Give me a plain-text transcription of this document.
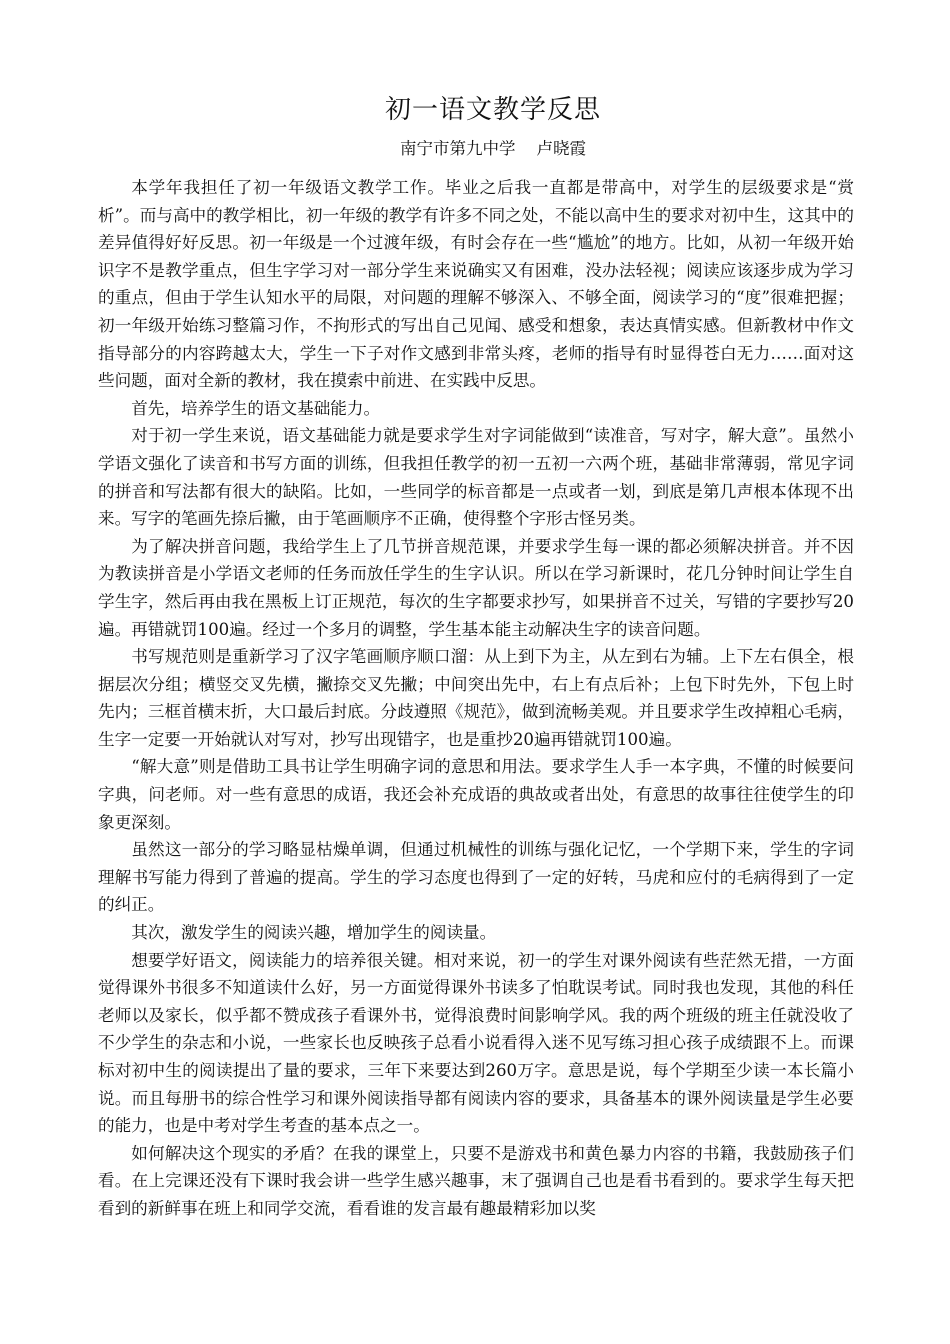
初一语文教学反思
南宁市第九中学    卢晓霞

本学年我担任了初一年级语文教学工作。毕业之后我一直都是带高中，对学生的层级要求是“赏析”。而与高中的教学相比，初一年级的教学有许多不同之处，不能以高中生的要求对初中生，这其中的差异值得好好反思。初一年级是一个过渡年级，有时会存在一些“尴尬”的地方。比如，从初一年级开始识字不是教学重点，但生字学习对一部分学生来说确实又有困难，没办法轻视；阅读应该逐步成为学习的重点，但由于学生认知水平的局限，对问题的理解不够深入、不够全面，阅读学习的“度”很难把握；初一年级开始练习整篇习作，不拘形式的写出自己见闻、感受和想象，表达真情实感。但新教材中作文指导部分的内容跨越太大，学生一下子对作文感到非常头疼，老师的指导有时显得苍白无力……面对这些问题，面对全新的教材，我在摸索中前进、在实践中反思。

首先，培养学生的语文基础能力。

对于初一学生来说，语文基础能力就是要求学生对字词能做到“读准音，写对字，解大意”。虽然小学语文强化了读音和书写方面的训练，但我担任教学的初一五初一六两个班，基础非常薄弱，常见字词的拼音和写法都有很大的缺陷。比如，一些同学的标音都是一点或者一划，到底是第几声根本体现不出来。写字的笔画先捺后撇，由于笔画顺序不正确，使得整个字形古怪另类。

为了解决拼音问题，我给学生上了几节拼音规范课，并要求学生每一课的都必须解决拼音。并不因为教读拼音是小学语文老师的任务而放任学生的生字认识。所以在学习新课时，花几分钟时间让学生自学生字，然后再由我在黑板上订正规范，每次的生字都要求抄写，如果拼音不过关，写错的字要抄写20遍。再错就罚100遍。经过一个多月的调整，学生基本能主动解决生字的读音问题。

书写规范则是重新学习了汉字笔画顺序顺口溜：从上到下为主，从左到右为辅。上下左右俱全，根据层次分组；横竖交叉先横，撇捺交叉先撇；中间突出先中，右上有点后补；上包下时先外，下包上时先内；三框首横末折，大口最后封底。分歧遵照《规范》，做到流畅美观。并且要求学生改掉粗心毛病，生字一定要一开始就认对写对，抄写出现错字，也是重抄20遍再错就罚100遍。

“解大意”则是借助工具书让学生明确字词的意思和用法。要求学生人手一本字典，不懂的时候要问字典，问老师。对一些有意思的成语，我还会补充成语的典故或者出处，有意思的故事往往使学生的印象更深刻。

虽然这一部分的学习略显枯燥单调，但通过机械性的训练与强化记忆，一个学期下来，学生的字词理解书写能力得到了普遍的提高。学生的学习态度也得到了一定的好转，马虎和应付的毛病得到了一定的纠正。

其次，激发学生的阅读兴趣，增加学生的阅读量。

想要学好语文，阅读能力的培养很关键。相对来说，初一的学生对课外阅读有些茫然无措，一方面觉得课外书很多不知道读什么好，另一方面觉得课外书读多了怕耽误考试。同时我也发现，其他的科任老师以及家长，似乎都不赞成孩子看课外书，觉得浪费时间影响学风。我的两个班级的班主任就没收了不少学生的杂志和小说，一些家长也反映孩子总看小说看得入迷不见写练习担心孩子成绩跟不上。而课标对初中生的阅读提出了量的要求，三年下来要达到260万字。意思是说，每个学期至少读一本长篇小说。而且每册书的综合性学习和课外阅读指导都有阅读内容的要求，具备基本的课外阅读量是学生必要的能力，也是中考对学生考查的基本点之一。

如何解决这个现实的矛盾？在我的课堂上，只要不是游戏书和黄色暴力内容的书籍，我鼓励孩子们看。在上完课还没有下课时我会讲一些学生感兴趣事，末了强调自己也是看书看到的。要求学生每天把看到的新鲜事在班上和同学交流，看看谁的发言最有趣最精彩加以奖
